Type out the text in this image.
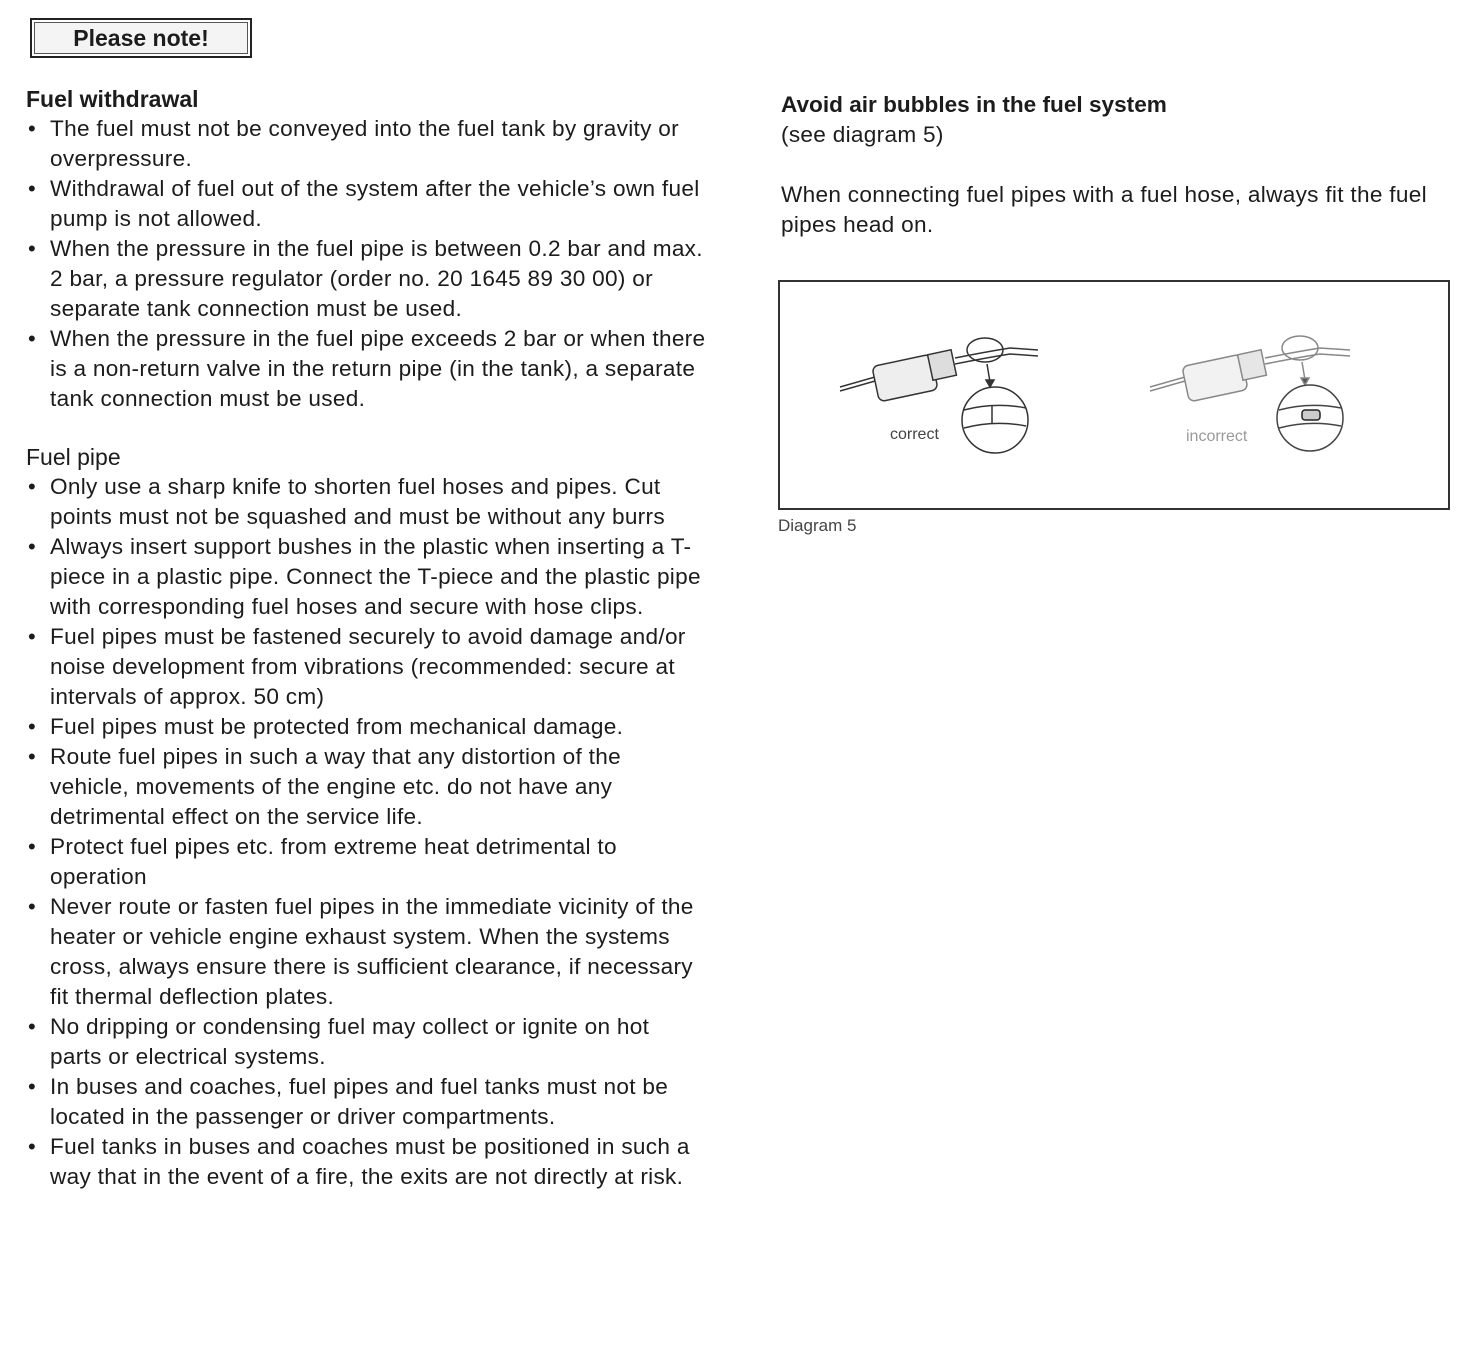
Please note!

Fuel withdrawal

• The fuel must not be conveyed into the fuel tank by gravity or overpressure.
• Withdrawal of fuel out of the system after the vehicle’s own fuel pump is not allowed.
• When the pressure in the fuel pipe is between 0.2 bar and max. 2 bar, a pressure regulator (order no. 20 1645 89 30 00) or separate tank connection must be used.
• When the pressure in the fuel pipe exceeds 2 bar or when there is a non-return valve in the return pipe (in the tank), a separate tank connection must be used.

Fuel pipe

• Only use a sharp knife to shorten fuel hoses and pipes. Cut points must not be squashed and must be without any burrs
• Always insert support bushes in the plastic when inserting a T-piece in a plastic pipe. Connect the T-piece and the plastic pipe with corresponding fuel hoses and secure with hose clips.
• Fuel pipes must be fastened securely to avoid damage and/or noise development from vibrations (recommended: secure at intervals of approx. 50 cm)
• Fuel pipes must be protected from mechanical damage.
• Route fuel pipes in such a way that any distortion of the vehicle, movements of the engine etc. do not have any detrimental effect on the service life.
• Protect fuel pipes etc. from extreme heat detrimental to operation
• Never route or fasten fuel pipes in the immediate vicinity of the heater or vehicle engine exhaust system. When the systems cross, always ensure there is sufficient clearance, if necessary fit thermal deflection plates.
• No dripping or condensing fuel may collect or ignite on hot parts or electrical systems.
• In buses and coaches, fuel pipes and fuel tanks must not be located in the passenger or driver compartments.
• Fuel tanks in buses and coaches must be positioned in such a way that in the event of a fire, the exits are not directly at risk.

Avoid air bubbles in the fuel system

(see diagram 5)

When connecting fuel pipes with a fuel hose, always fit the fuel pipes head on.

correct	incorrect
Diagram 5
